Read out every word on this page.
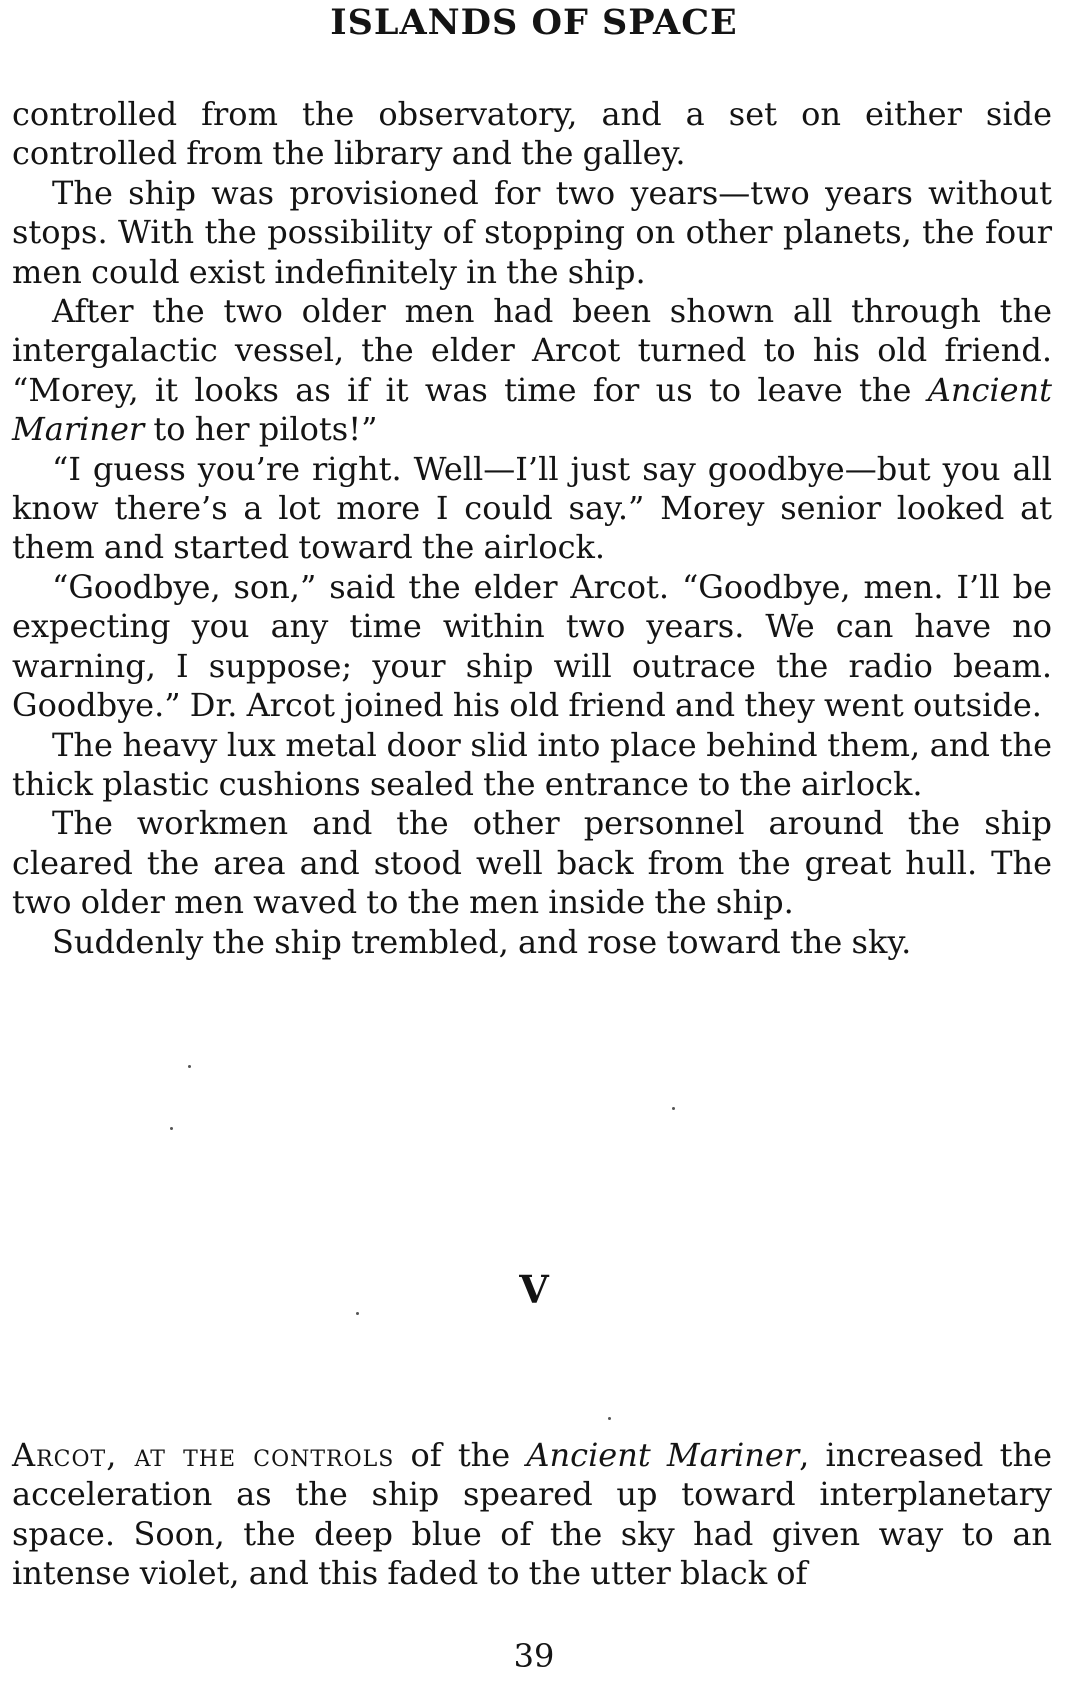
ISLANDS OF SPACE

controlled from the observatory, and a set on either side controlled from the library and the galley.

The ship was provisioned for two years—two years without stops. With the possibility of stopping on other planets, the four men could exist indefinitely in the ship.

After the two older men had been shown all through the intergalactic vessel, the elder Arcot turned to his old friend. “Morey, it looks as if it was time for us to leave the Ancient Mariner to her pilots!”

“I guess you’re right. Well—I’ll just say goodbye—but you all know there’s a lot more I could say.” Morey senior looked at them and started toward the airlock.

“Goodbye, son,” said the elder Arcot. “Goodbye, men. I’ll be expecting you any time within two years. We can have no warning, I suppose; your ship will outrace the radio beam. Goodbye.” Dr. Arcot joined his old friend and they went outside.

The heavy lux metal door slid into place behind them, and the thick plastic cushions sealed the entrance to the airlock.

The workmen and the other personnel around the ship cleared the area and stood well back from the great hull. The two older men waved to the men inside the ship.

Suddenly the ship trembled, and rose toward the sky.

V

Arcot, at the controls of the Ancient Mariner, increased the acceleration as the ship speared up toward interplanetary space. Soon, the deep blue of the sky had given way to an intense violet, and this faded to the utter black of

39
